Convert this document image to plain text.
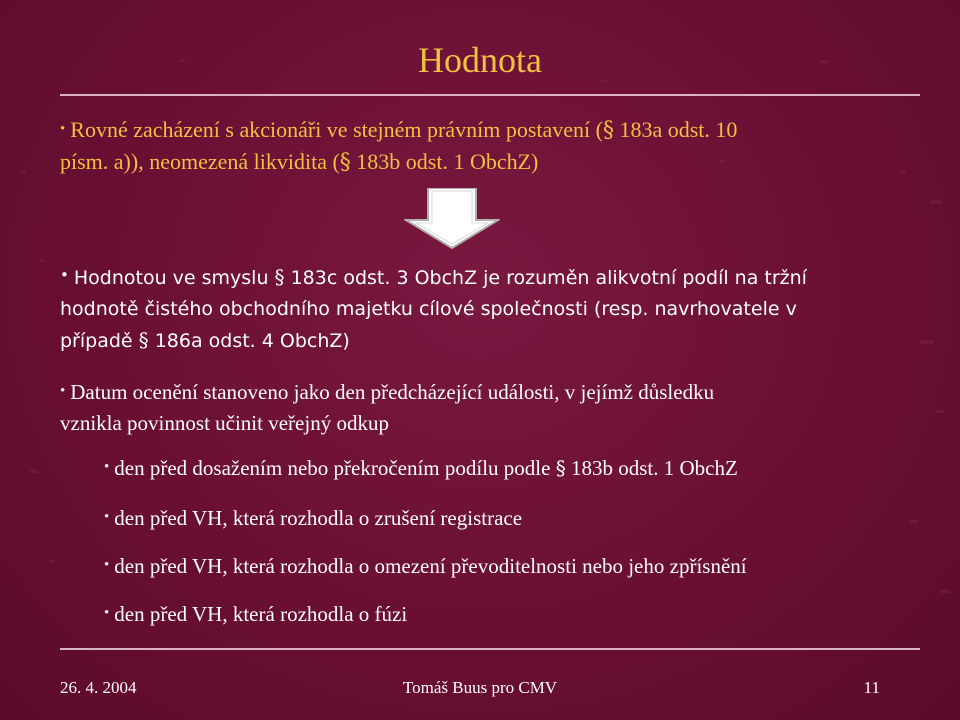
Hodnota
• Rovné zacházení s akcionáři ve stejném právním postavení (§ 183a odst. 10
písm. a)), neomezená likvidita (§ 183b odst. 1 ObchZ)
• Hodnotou ve smyslu § 183c odst. 3 ObchZ je rozuměn alikvotní podíl na tržní
hodnotě čistého obchodního majetku cílové společnosti (resp. navrhovatele v
případě § 186a odst. 4 ObchZ)
• Datum ocenění stanoveno jako den předcházející události, v jejímž důsledku
vznikla povinnost učinit veřejný odkup
• den před dosažením nebo překročením podílu podle § 183b odst. 1 ObchZ
• den před VH, která rozhodla o zrušení registrace
• den před VH, která rozhodla o omezení převoditelnosti nebo jeho zpřísnění
• den před VH, která rozhodla o fúzi
26. 4. 2004	Tomáš Buus pro CMV	11
